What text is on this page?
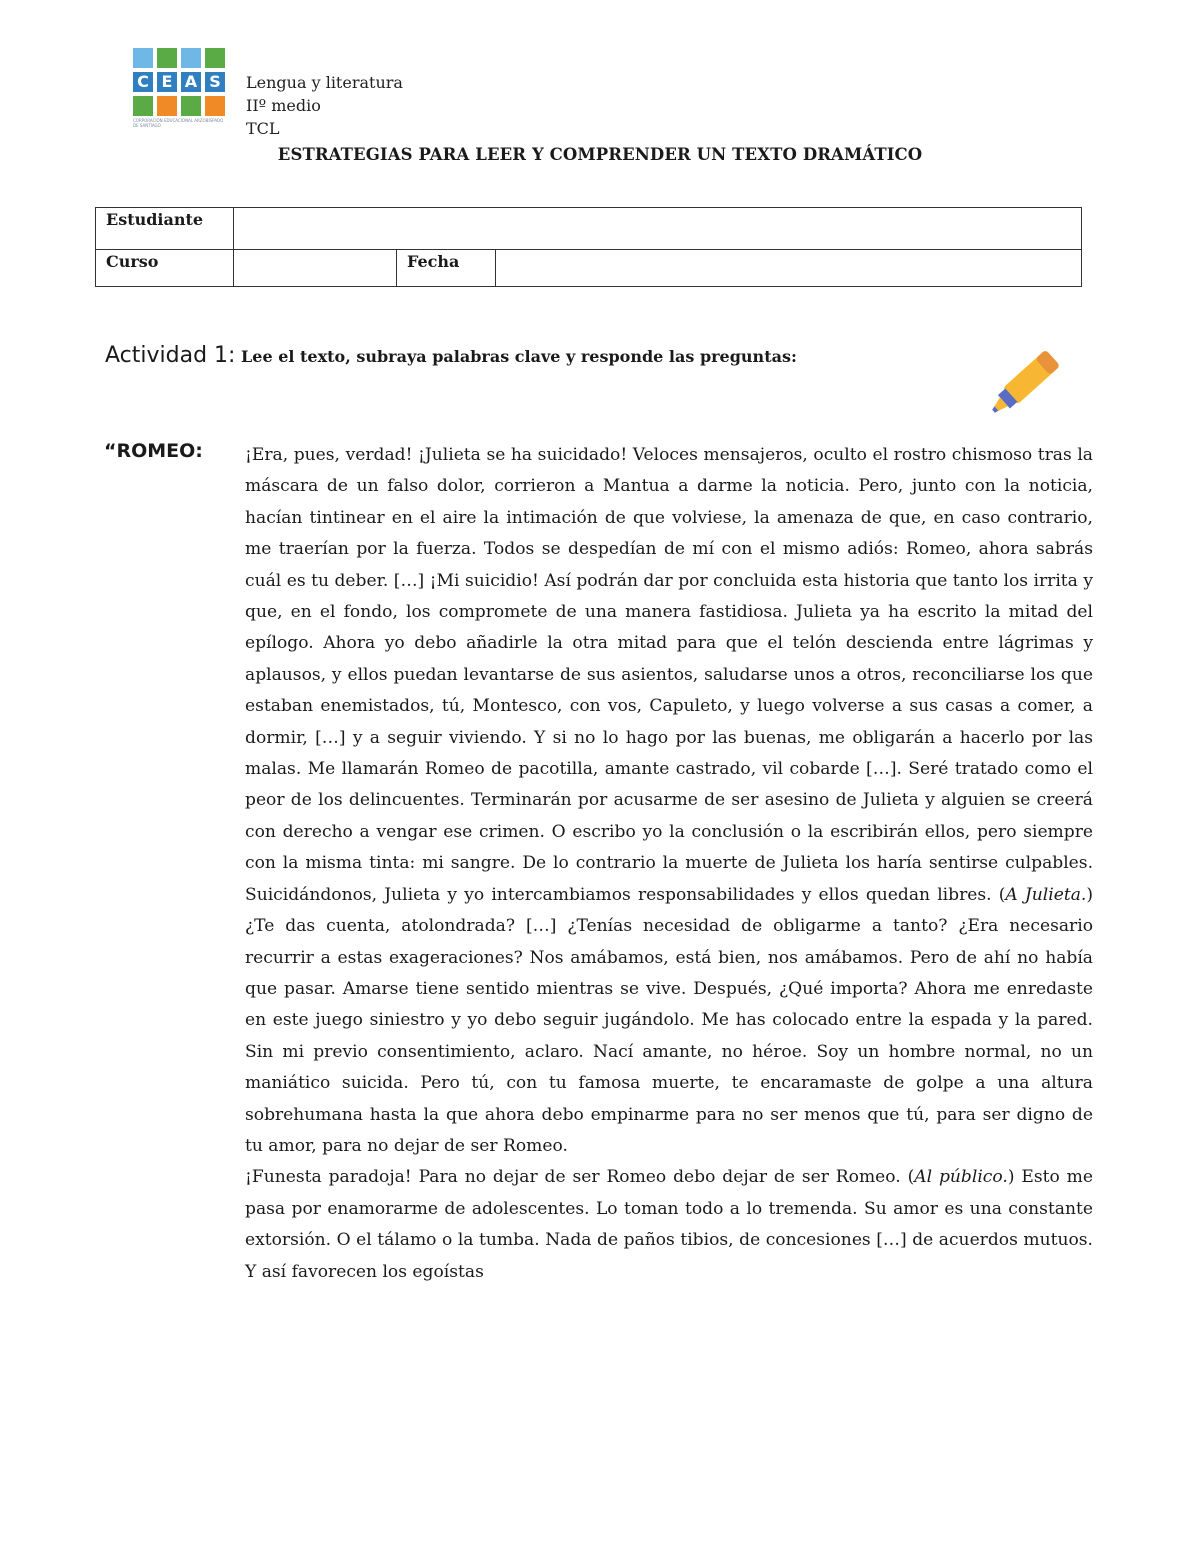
C E A S
CORPORACIÓN EDUCACIONAL ARZOBISPADO DE SANTIAGO
Lengua y literatura
IIº medio
TCL
ESTRATEGIAS PARA LEER Y COMPRENDER UN TEXTO DRAMÁTICO
Estudiante			
Curso		Fecha	
Actividad 1: Lee el texto, subraya palabras clave y responde las preguntas:
“ROMEO: ¡Era, pues, verdad! ¡Julieta se ha suicidado! Veloces mensajeros, oculto el rostro chismoso tras la máscara de un falso dolor, corrieron a Mantua a darme la noticia. Pero, junto con la noticia, hacían tintinear en el aire la intimación de que volviese, la amenaza de que, en caso contrario, me traerían por la fuerza. Todos se despedían de mí con el mismo adiós: Romeo, ahora sabrás cuál es tu deber. […] ¡Mi suicidio! Así podrán dar por concluida esta historia que tanto los irrita y que, en el fondo, los compromete de una manera fastidiosa. Julieta ya ha escrito la mitad del epílogo. Ahora yo debo añadirle la otra mitad para que el telón descienda entre lágrimas y aplausos, y ellos puedan levantarse de sus asientos, saludarse unos a otros, reconciliarse los que estaban enemistados, tú, Montesco, con vos, Capuleto, y luego volverse a sus casas a comer, a dormir, […] y a seguir viviendo. Y si no lo hago por las buenas, me obligarán a hacerlo por las malas. Me llamarán Romeo de pacotilla, amante castrado, vil cobarde […]. Seré tratado como el peor de los delincuentes. Terminarán por acusarme de ser asesino de Julieta y alguien se creerá con derecho a vengar ese crimen. O escribo yo la conclusión o la escribirán ellos, pero siempre con la misma tinta: mi sangre. De lo contrario la muerte de Julieta los haría sentirse culpables. Suicidándonos, Julieta y yo intercambiamos responsabilidades y ellos quedan libres. (A Julieta.) ¿Te das cuenta, atolondrada? […] ¿Tenías necesidad de obligarme a tanto? ¿Era necesario recurrir a estas exageraciones? Nos amábamos, está bien, nos amábamos. Pero de ahí no había que pasar. Amarse tiene sentido mientras se vive. Después, ¿Qué importa? Ahora me enredaste en este juego siniestro y yo debo seguir jugándolo. Me has colocado entre la espada y la pared. Sin mi previo consentimiento, aclaro. Nací amante, no héroe. Soy un hombre normal, no un maniático suicida. Pero tú, con tu famosa muerte, te encaramaste de golpe a una altura sobrehumana hasta la que ahora debo empinarme para no ser menos que tú, para ser digno de tu amor, para no dejar de ser Romeo.

¡Funesta paradoja! Para no dejar de ser Romeo debo dejar de ser Romeo. (Al público.) Esto me pasa por enamorarme de adolescentes. Lo toman todo a lo tremenda. Su amor es una constante extorsión. O el tálamo o la tumba. Nada de paños tibios, de concesiones […] de acuerdos mutuos. Y así favorecen los egoístas
